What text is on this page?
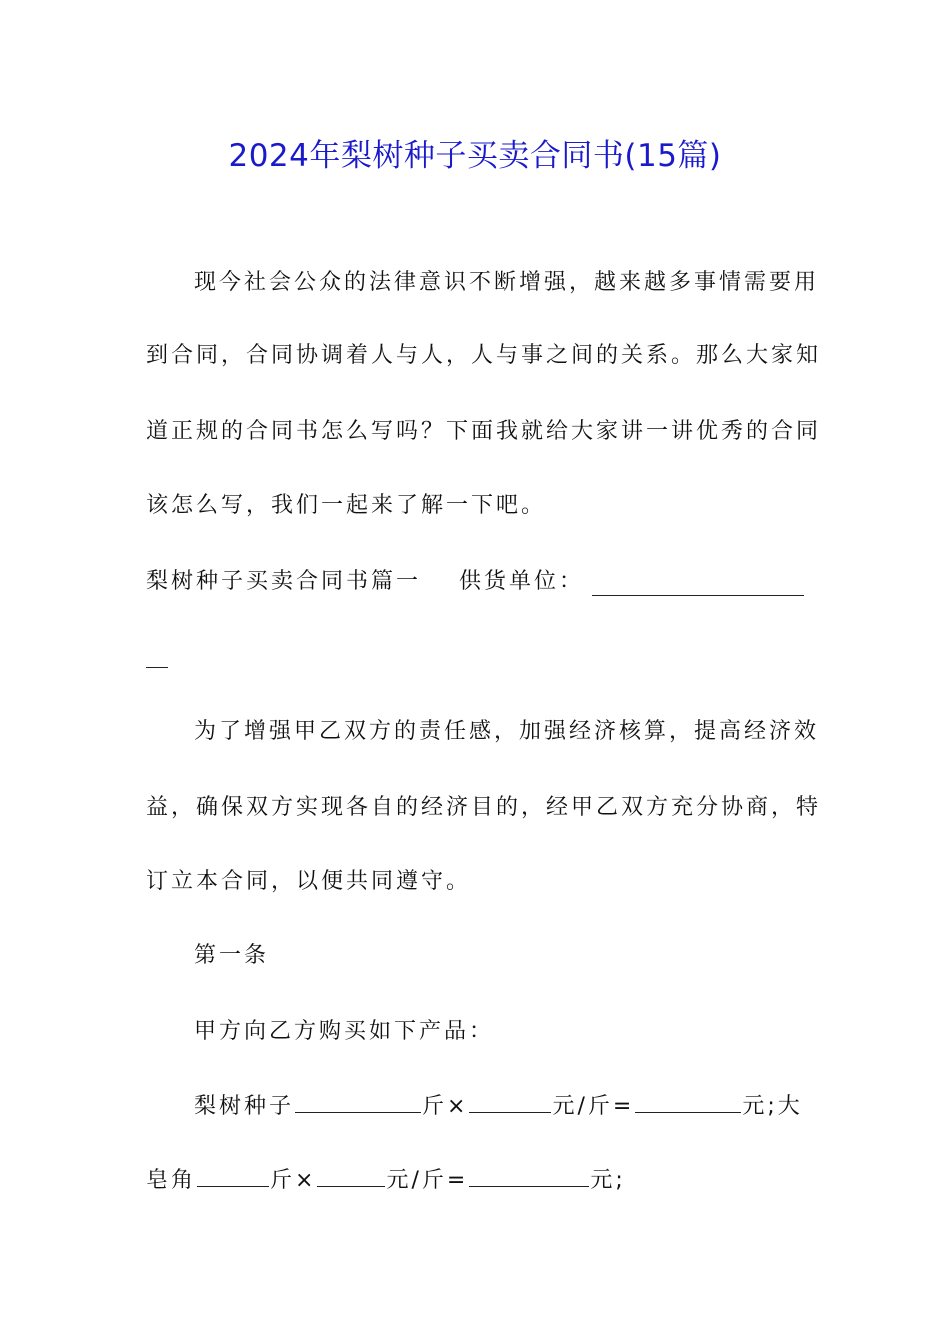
2024年梨树种子买卖合同书(15篇)
现今社会公众的法律意识不断增强，越来越多事情需要用
到合同，合同协调着人与人，人与事之间的关系。那么大家知
道正规的合同书怎么写吗？下面我就给大家讲一讲优秀的合同
该怎么写，我们一起来了解一下吧。
梨树种子买卖合同书篇一 供货单位：
为了增强甲乙双方的责任感，加强经济核算，提高经济效
益，确保双方实现各自的经济目的，经甲乙双方充分协商，特
订立本合同，以便共同遵守。
第一条
甲方向乙方购买如下产品：
梨树种子	斤×	元/斤=	元;大
皂角	斤×	元/斤=	元;
